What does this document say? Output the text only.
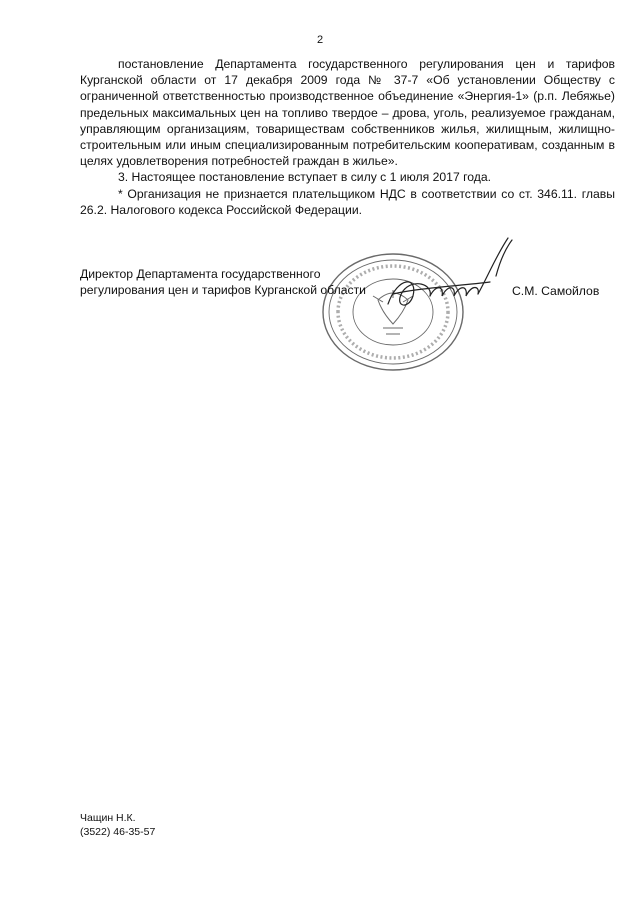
2

постановление Департамента государственного регулирования цен и тарифов Курганской области от 17 декабря 2009 года № 37-7 «Об установлении Обществу с ограниченной ответственностью производственное объединение «Энергия-1» (р.п. Лебяжье) предельных максимальных цен на топливо твердое – дрова, уголь, реализуемое гражданам, управляющим организациям, товариществам собственников жилья, жилищным, жилищно-строительным или иным специализированным потребительским кооперативам, созданным в целях удовлетворения потребностей граждан в жилье».

3. Настоящее постановление вступает в силу с 1 июля 2017 года.

* Организация не признается плательщиком НДС в соответствии со ст. 346.11. главы 26.2. Налогового кодекса Российской Федерации.

Директор Департамента государственного
регулирования цен и тарифов Курганской области	С.М. Самойлов
Чащин Н.К.
(3522) 46-35-57
